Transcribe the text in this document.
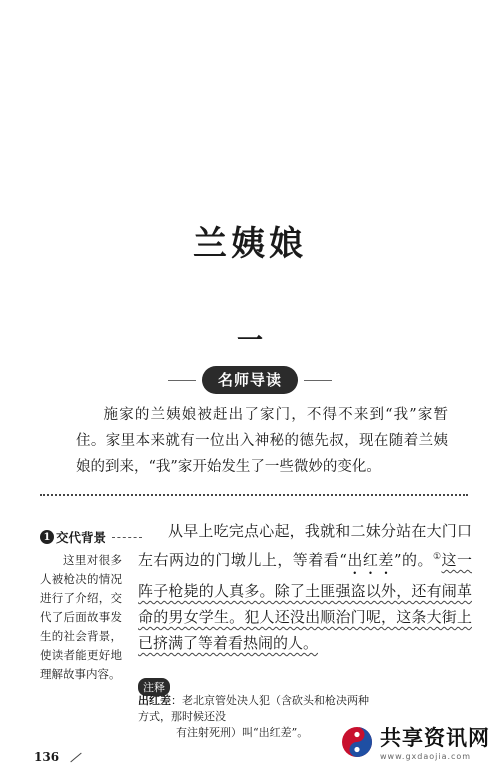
兰姨娘
一
名师导读
施家的兰姨娘被赶出了家门，不得不来到“我”家暂住。家里本来就有一位出入神秘的德先叔，现在随着兰姨娘的到来，“我”家开始发生了一些微妙的变化。
1 交代背景
这里对很多人被枪决的情况进行了介绍，交代了后面故事发生的社会背景，使读者能更好地理解故事内容。
从早上吃完点心起，我就和二妹分站在大门口左右两边的门墩儿上，等着看“出红差”的。①这一阵子枪毙的人真多。除了土匪强盗以外，还有闹革命的男女学生。犯人还没出顺治门呢，这条大街上已挤满了等着看热闹的人。
注释
出红差：老北京管处决人犯（含砍头和枪决两种方式，那时候还没
有注射死刑）叫“出红差”。
136
共享资讯网
www.gxdaojia.com
